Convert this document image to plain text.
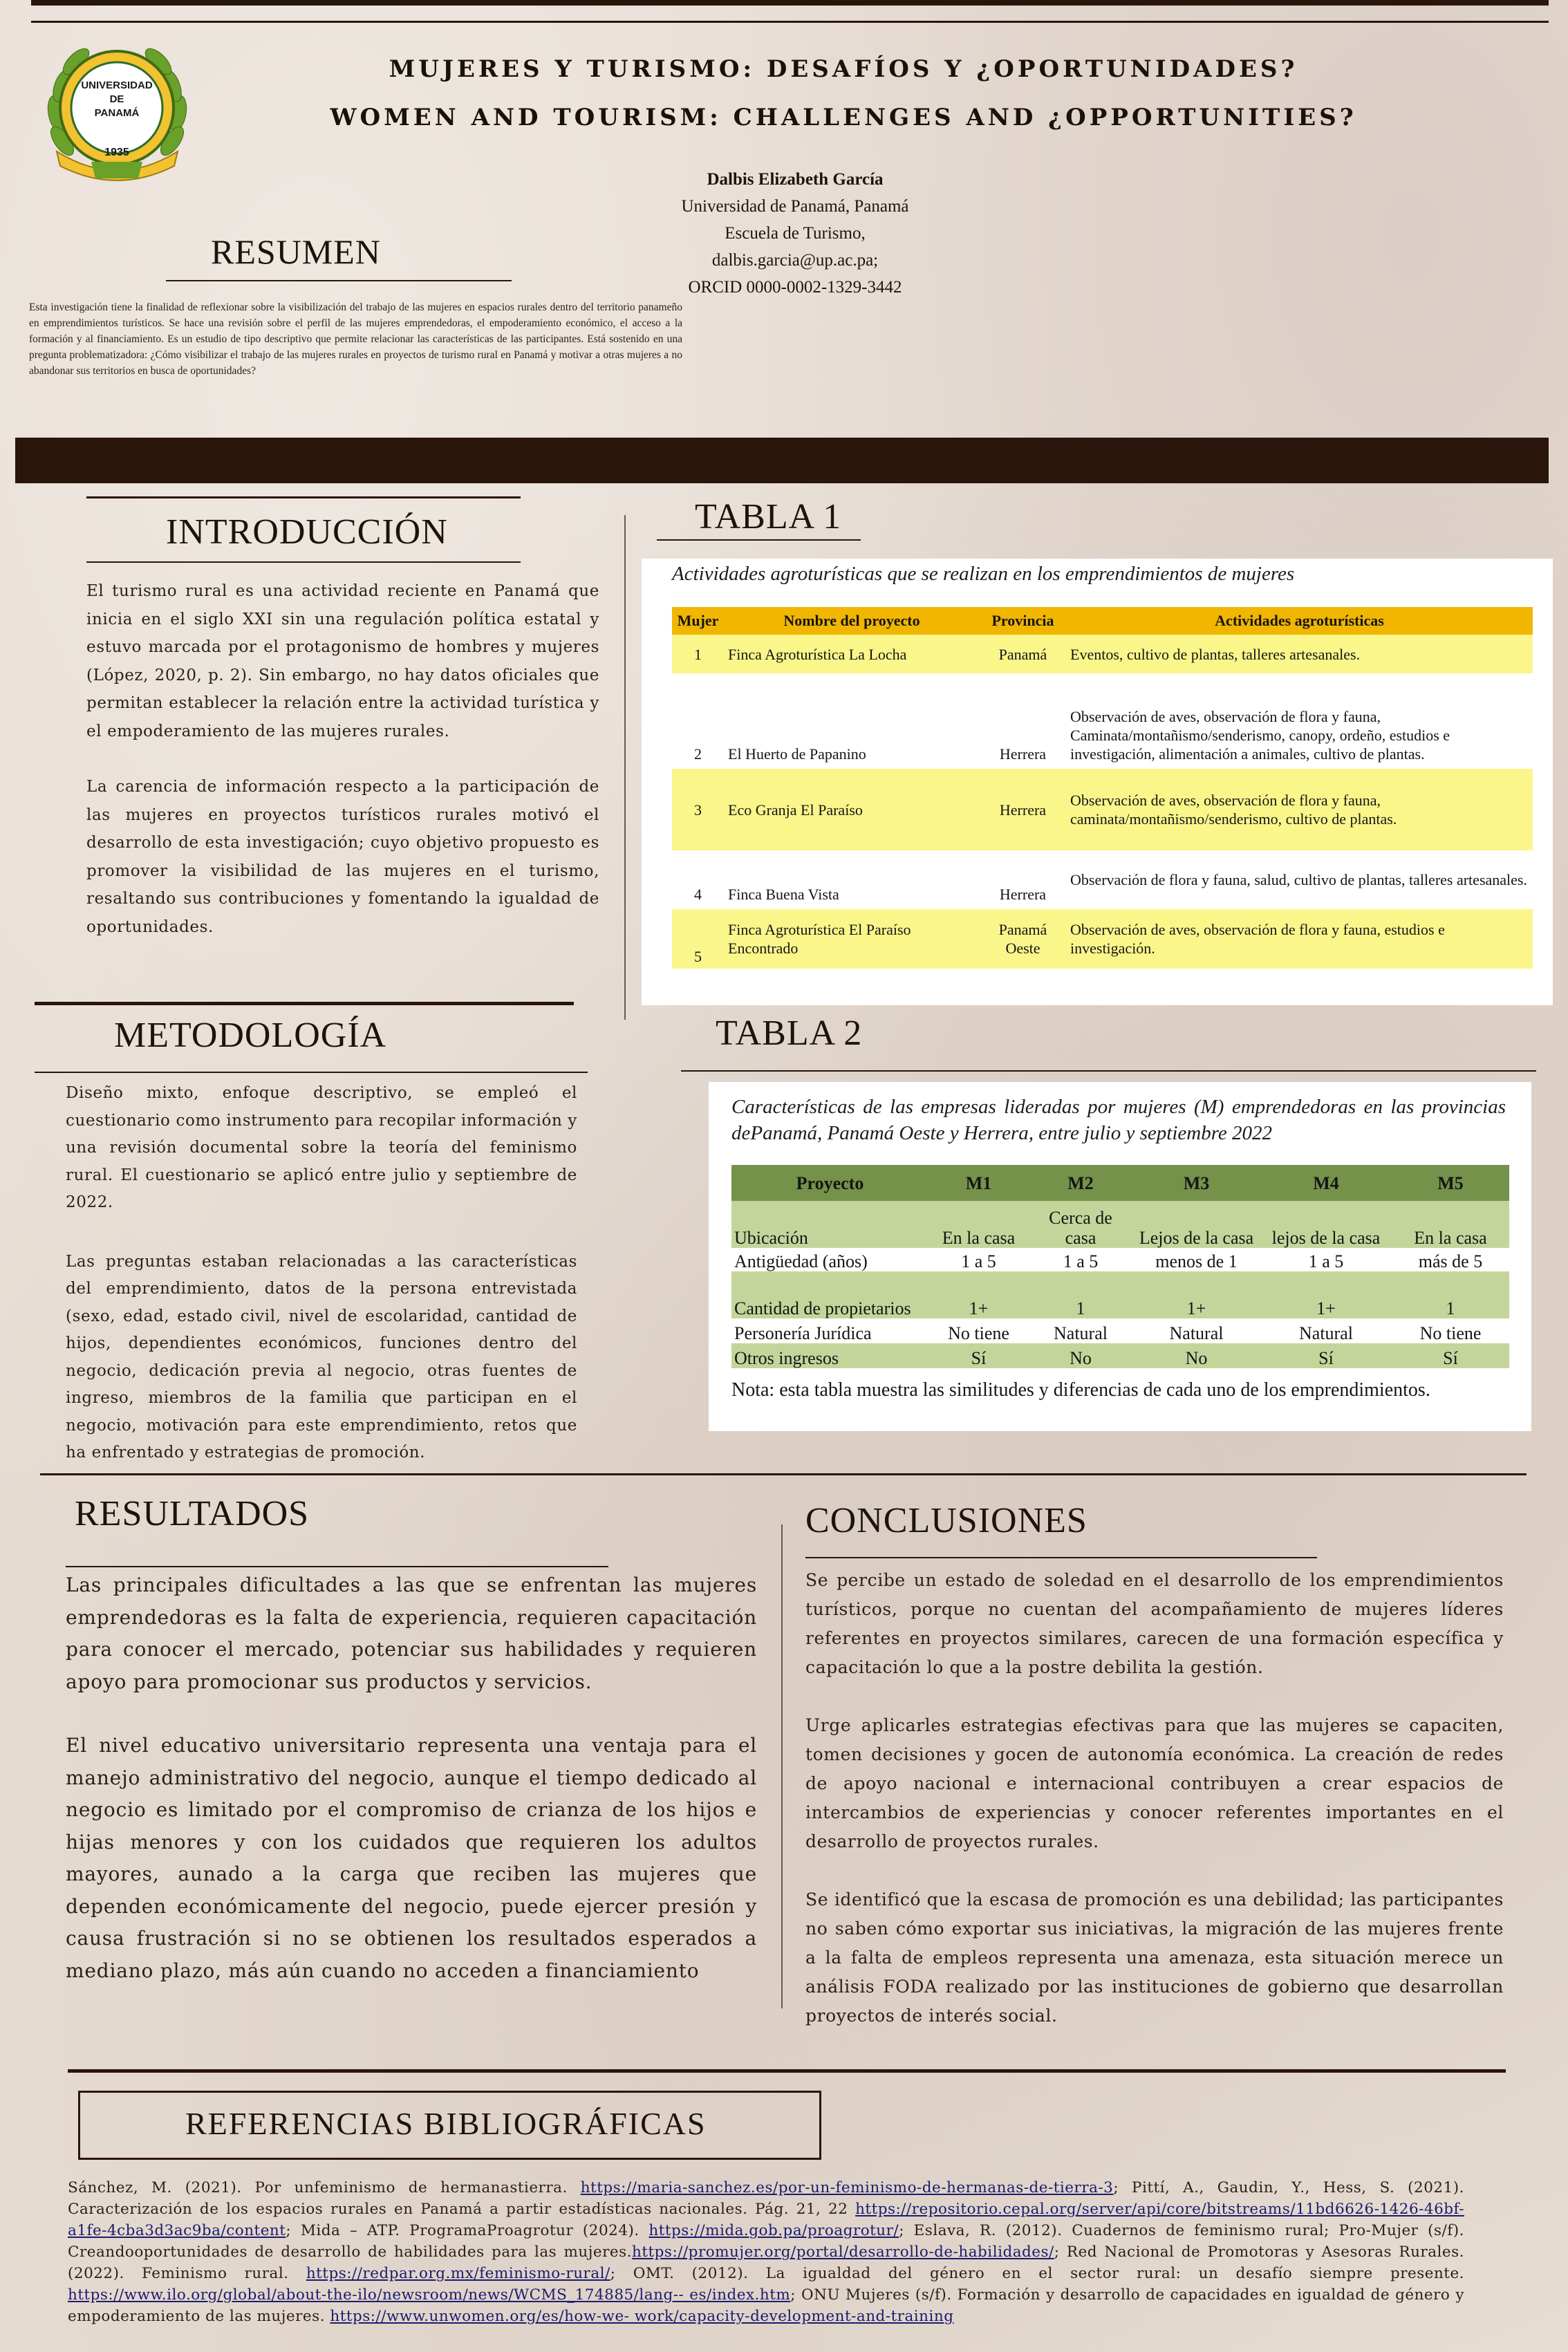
UNIVERSIDAD
DE
PANAMÁ
1935
MUJERES Y TURISMO: DESAFÍOS Y ¿OPORTUNIDADES?
WOMEN AND TOURISM: CHALLENGES AND ¿OPPORTUNITIES?
Dalbis Elizabeth García
Universidad de Panamá, Panamá
Escuela de Turismo,
dalbis.garcia@up.ac.pa;
ORCID 0000-0002-1329-3442
RESUMEN
Esta investigación tiene la finalidad de reflexionar sobre la visibilización del trabajo de las mujeres en espacios rurales dentro del territorio panameño en emprendimientos turísticos. Se hace una revisión sobre el perfil de las mujeres emprendedoras, el empoderamiento económico, el acceso a la formación y al financiamiento. Es un estudio de tipo descriptivo que permite relacionar las características de las participantes. Está sostenido en una pregunta problematizadora: ¿Cómo visibilizar el trabajo de las mujeres rurales en proyectos de turismo rural en Panamá y motivar a otras mujeres a no abandonar sus territorios en busca de oportunidades?
INTRODUCCIÓN

El turismo rural es una actividad reciente en Panamá que inicia en el siglo XXI sin una regulación política estatal y estuvo marcada por el protagonismo de hombres y mujeres (López, 2020, p. 2). Sin embargo, no hay datos oficiales que permitan establecer la relación entre la actividad turística y el empoderamiento de las mujeres rurales.

La carencia de información respecto a la participación de las mujeres en proyectos turísticos rurales motivó el desarrollo de esta investigación; cuyo objetivo propuesto es promover la visibilidad de las mujeres en el turismo, resaltando sus contribuciones y fomentando la igualdad de oportunidades.

TABLA 1
Actividades agroturísticas que se realizan en los emprendimientos de mujeres
Mujer	Nombre del proyecto	Provincia	Actividades agroturísticas
1	Finca Agroturística La Locha	Panamá	Eventos, cultivo de plantas, talleres artesanales.
2	El Huerto de Papanino	Herrera	Observación de aves, observación de flora y fauna, Caminata/montañismo/senderismo, canopy, ordeño, estudios e investigación, alimentación a animales, cultivo de plantas.
3	Eco Granja El Paraíso	Herrera	Observación de aves, observación de flora y fauna, caminata/montañismo/senderismo, cultivo de plantas.
4	Finca Buena Vista	Herrera	Observación de flora y fauna, salud, cultivo de plantas, talleres artesanales.
5	Finca Agroturística El Paraíso Encontrado	Panamá Oeste	Observación de aves, observación de flora y fauna, estudios e investigación.
METODOLOGÍA

Diseño mixto, enfoque descriptivo, se empleó el cuestionario como instrumento para recopilar información y una revisión documental sobre la teoría del feminismo rural. El cuestionario se aplicó entre julio y septiembre de 2022.

Las preguntas estaban relacionadas a las características del emprendimiento, datos de la persona entrevistada (sexo, edad, estado civil, nivel de escolaridad, cantidad de hijos, dependientes económicos, funciones dentro del negocio, dedicación previa al negocio, otras fuentes de ingreso, miembros de la familia que participan en el negocio, motivación para este emprendimiento, retos que ha enfrentado y estrategias de promoción.

TABLA 2
Características de las empresas lideradas por mujeres (M) emprendedoras en las provincias dePanamá, Panamá Oeste y Herrera, entre julio y septiembre 2022
Proyecto	M1	M2	M3	M4	M5
Ubicación	En la casa	Cerca de casa	Lejos de la casa	lejos de la casa	En la casa
Antigüedad (años)	1 a 5	1 a 5	menos de 1	1 a 5	más de 5
Cantidad de propietarios	1+	1	1+	1+	1
Personería Jurídica	No tiene	Natural	Natural	Natural	No tiene
Otros ingresos	Sí	No	No	Sí	Sí
Nota: esta tabla muestra las similitudes y diferencias de cada uno de los emprendimientos.
RESULTADOS

Las principales dificultades a las que se enfrentan las mujeres emprendedoras es la falta de experiencia, requieren capacitación para conocer el mercado, potenciar sus habilidades y requieren apoyo para promocionar sus productos y servicios.

El nivel educativo universitario representa una ventaja para el manejo administrativo del negocio, aunque el tiempo dedicado al negocio es limitado por el compromiso de crianza de los hijos e hijas menores y con los cuidados que requieren los adultos mayores, aunado a la carga que reciben las mujeres que dependen económicamente del negocio, puede ejercer presión y causa frustración si no se obtienen los resultados esperados a mediano plazo, más aún cuando no acceden a financiamiento

CONCLUSIONES

Se percibe un estado de soledad en el desarrollo de los emprendimientos turísticos, porque no cuentan del acompañamiento de mujeres líderes referentes en proyectos similares, carecen de una formación específica y capacitación lo que a la postre debilita la gestión.

Urge aplicarles estrategias efectivas para que las mujeres se capaciten, tomen decisiones y gocen de autonomía económica. La creación de redes de apoyo nacional e internacional contribuyen a crear espacios de intercambios de experiencias y conocer referentes importantes en el desarrollo de proyectos rurales.

Se identificó que la escasa de promoción es una debilidad; las participantes no saben cómo exportar sus iniciativas, la migración de las mujeres frente a la falta de empleos representa una amenaza, esta situación merece un análisis FODA realizado por las instituciones de gobierno que desarrollan proyectos de interés social.

REFERENCIAS BIBLIOGRÁFICAS
Sánchez, M. (2021). Por unfeminismo de hermanastierra. https://maria-sanchez.es/por-un-feminismo-de-hermanas-de-tierra-3; Pittí, A., Gaudin, Y., Hess, S. (2021). Caracterización de los espacios rurales en Panamá a partir estadísticas nacionales. Pág. 21, 22 https://repositorio.cepal.org/server/api/core/bitstreams/11bd6626-1426-46bf-a1fe-4cba3d3ac9ba/content; Mida – ATP. ProgramaProagrotur (2024). https://mida.gob.pa/proagrotur/; Eslava, R. (2012). Cuadernos de feminismo rural; Pro-Mujer (s/f). Creandooportunidades de desarrollo de habilidades para las mujeres.https://promujer.org/portal/desarrollo-de-habilidades/; Red Nacional de Promotoras y Asesoras Rurales. (2022). Feminismo rural. https://redpar.org.mx/feminismo-rural/; OMT. (2012). La igualdad del género en el sector rural: un desafío siempre presente. https://www.ilo.org/global/about-the-ilo/newsroom/news/WCMS_174885/lang-- es/index.htm; ONU Mujeres (s/f). Formación y desarrollo de capacidades en igualdad de género y empoderamiento de las mujeres. https://www.unwomen.org/es/how-we- work/capacity-development-and-training
